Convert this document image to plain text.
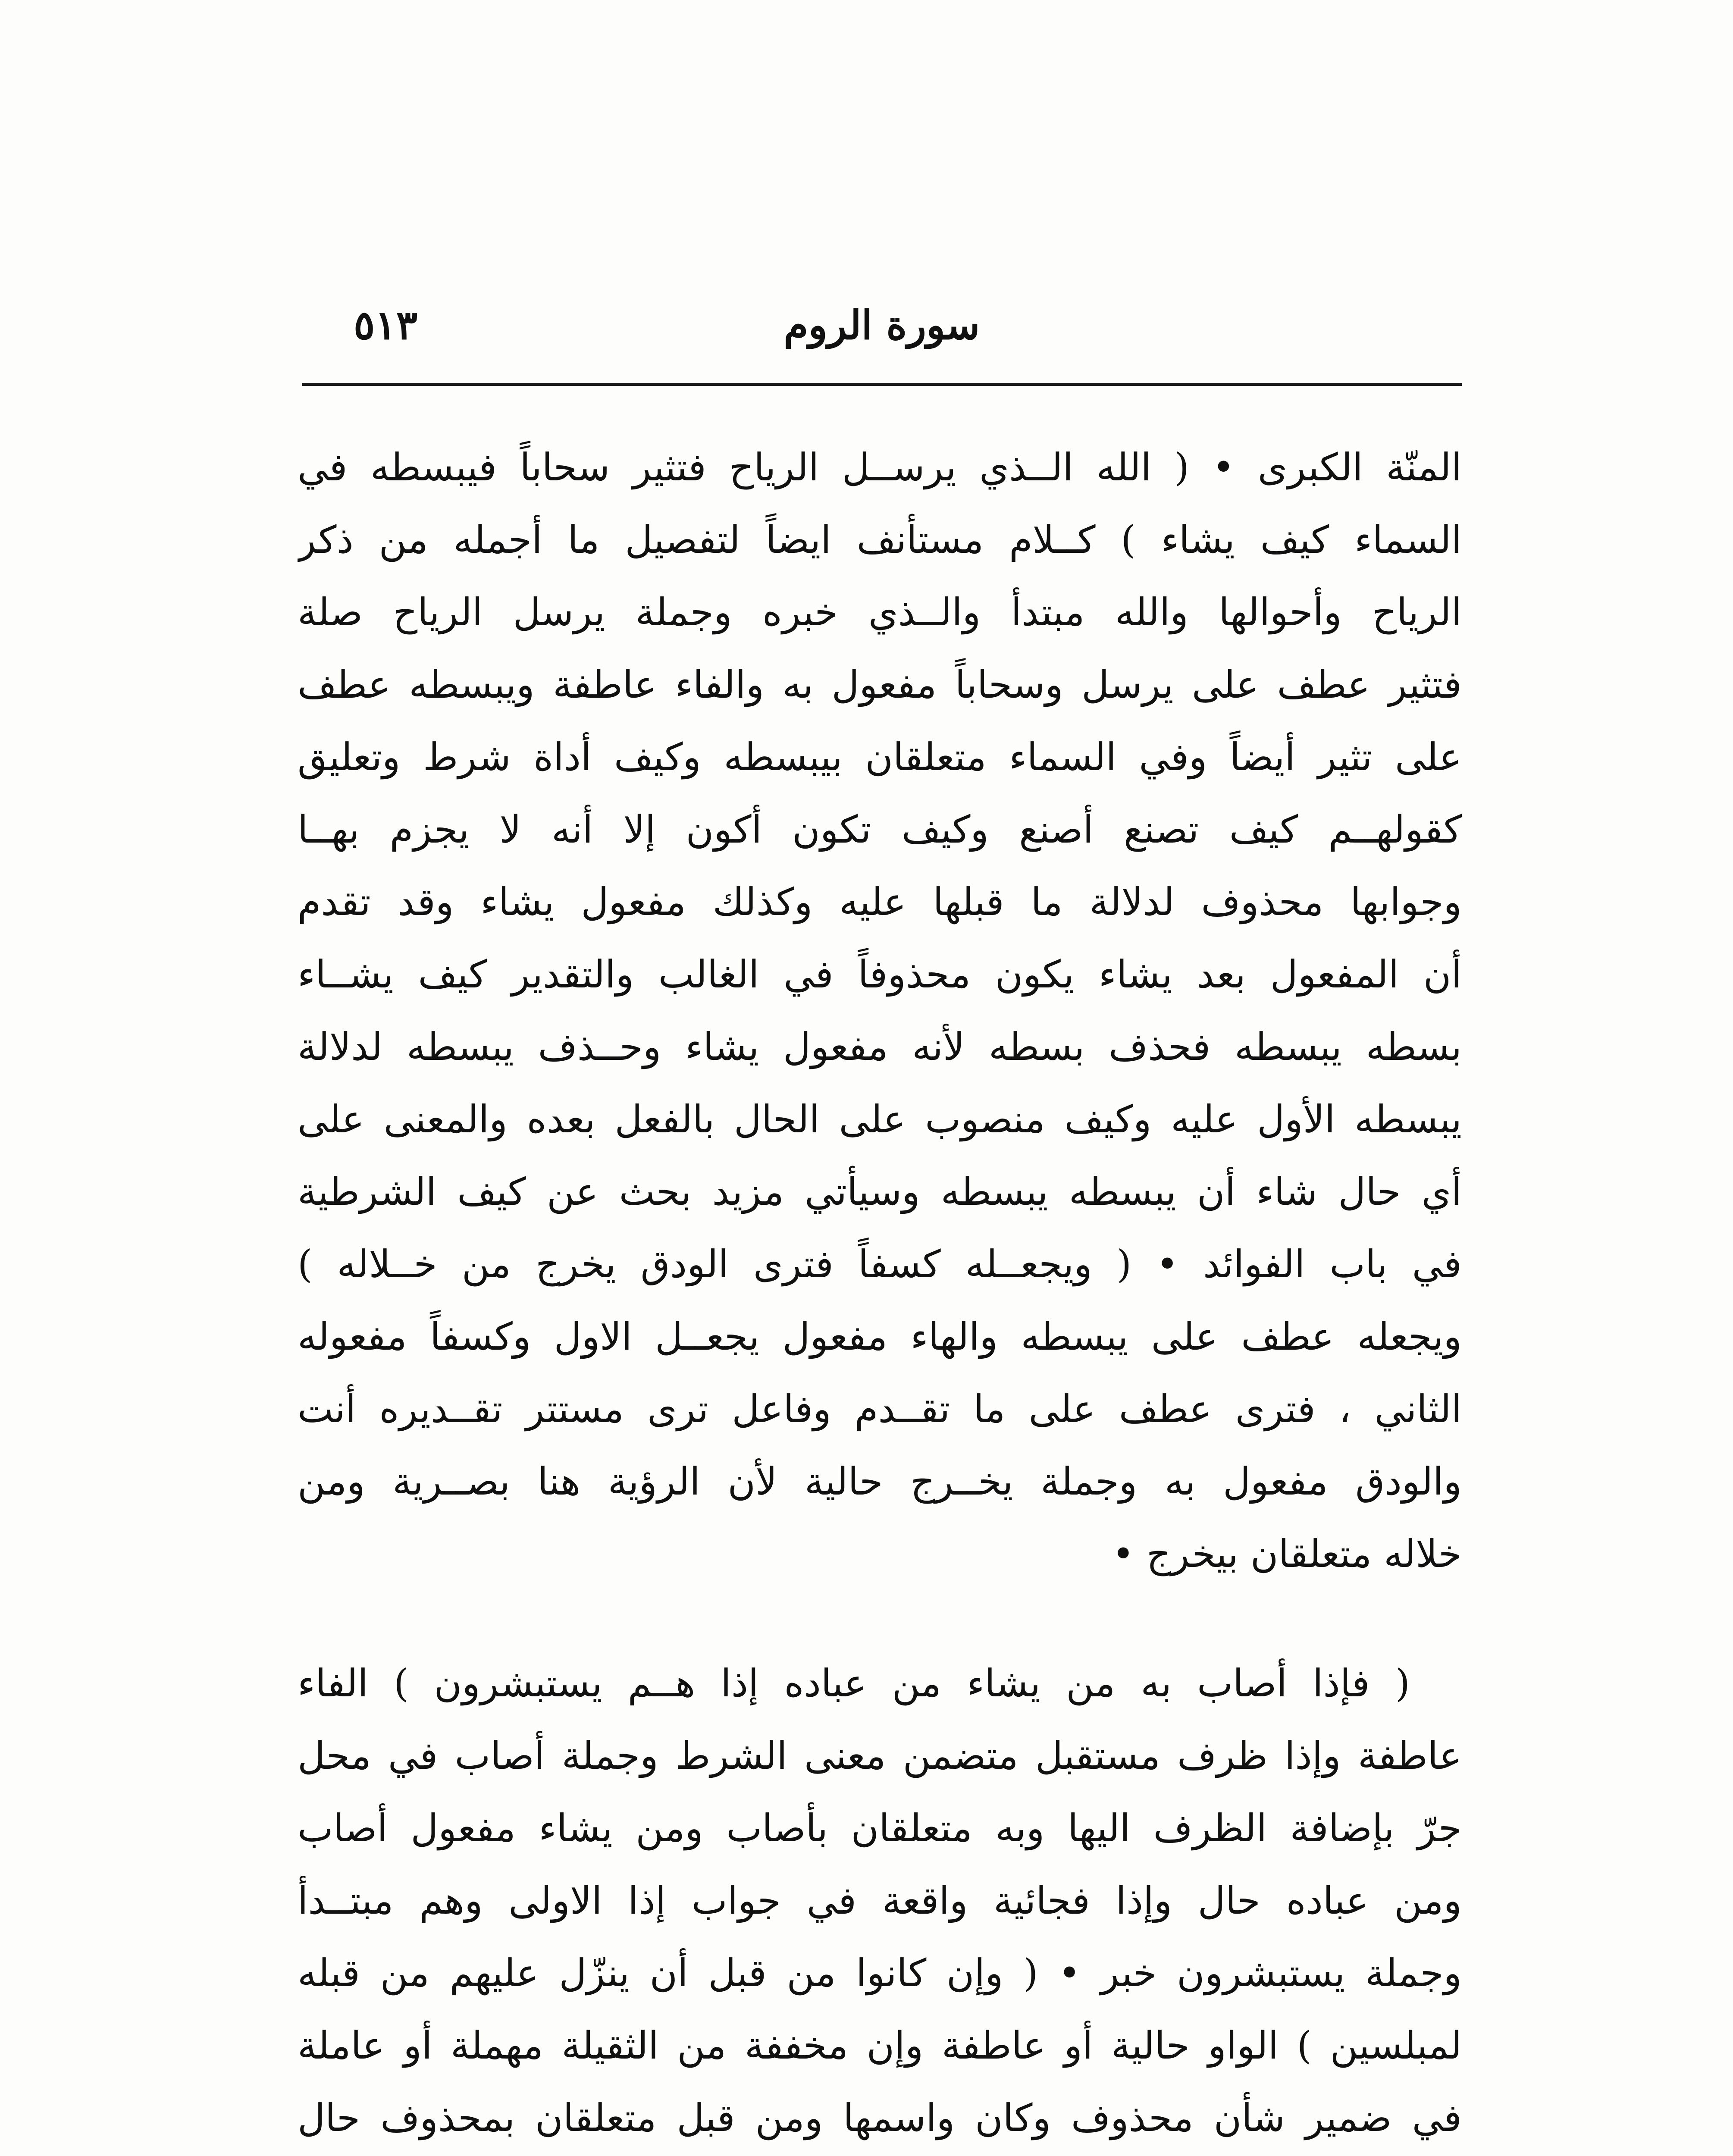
سورة الروم
٥١٣
المنّة الكبرى • ( الله الــذي يرســل الرياح فتثير سحاباً فيبسطه في
السماء كيف يشاء ) كــلام مستأنف ايضاً لتفصيل ما أجمله من ذكر
الرياح وأحوالها والله مبتدأ والــذي خبره وجملة يرسل الرياح صلة
فتثير عطف على يرسل وسحاباً مفعول به والفاء عاطفة ويبسطه عطف
على تثير أيضاً وفي السماء متعلقان بيبسطه وكيف أداة شرط وتعليق
كقولهــم كيف تصنع أصنع وكيف تكون أكون إلا أنه لا يجزم بهــا
وجوابها محذوف لدلالة ما قبلها عليه وكذلك مفعول يشاء وقد تقدم
أن المفعول بعد يشاء يكون محذوفاً في الغالب والتقدير كيف يشــاء
بسطه يبسطه فحذف بسطه لأنه مفعول يشاء وحــذف يبسطه لدلالة
يبسطه الأول عليه وكيف منصوب على الحال بالفعل بعده والمعنى على
أي حال شاء أن يبسطه يبسطه وسيأتي مزيد بحث عن كيف الشرطية
في باب الفوائد • ( ويجعــله كسفاً فترى الودق يخرج من خــلاله )
ويجعله عطف على يبسطه والهاء مفعول يجعــل الاول وكسفاً مفعوله
الثاني ، فترى عطف على ما تقــدم وفاعل ترى مستتر تقــديره أنت
والودق مفعول به وجملة يخــرج حالية لأن الرؤية هنا بصــرية ومن
خلاله متعلقان بيخرج •
( فإذا أصاب به من يشاء من عباده إذا هــم يستبشرون ) الفاء
عاطفة وإذا ظرف مستقبل متضمن معنى الشرط وجملة أصاب في محل
جرّ بإضافة الظرف اليها وبه متعلقان بأصاب ومن يشاء مفعول أصاب
ومن عباده حال وإذا فجائية واقعة في جواب إذا الاولى وهم مبتــدأ
وجملة يستبشرون خبر • ( وإن كانوا من قبل أن ينزّل عليهم من قبله
لمبلسين ) الواو حالية أو عاطفة وإن مخففة من الثقيلة مهملة أو عاملة
في ضمير شأن محذوف وكان واسمها ومن قبل متعلقان بمحذوف حال
